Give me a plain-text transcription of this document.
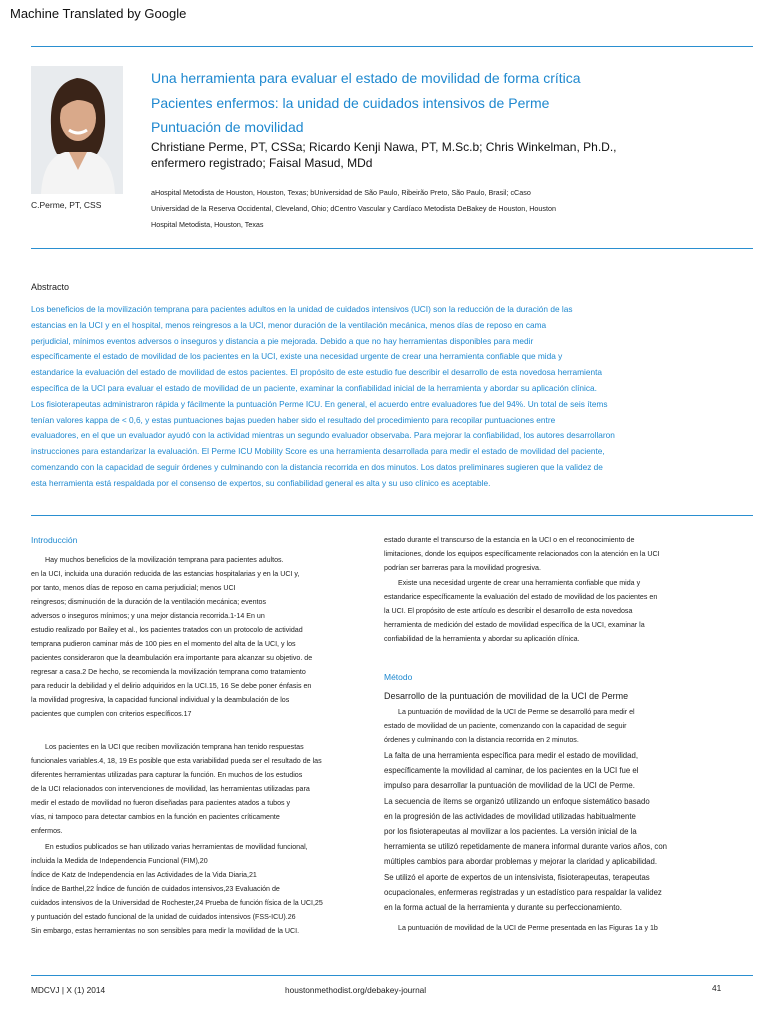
Machine Translated by Google
C.Perme, PT, CSS
Una herramienta para evaluar el estado de movilidad de forma crítica
Pacientes enfermos: la unidad de cuidados intensivos de Perme
Puntuación de movilidad
Christiane Perme, PT, CSSa; Ricardo Kenji Nawa, PT, M.Sc.b; Chris Winkelman, Ph.D.,
enfermero registrado; Faisal Masud, MDd
aHospital Metodista de Houston, Houston, Texas; bUniversidad de São Paulo, Ribeirão Preto, São Paulo, Brasil; cCaso
Universidad de la Reserva Occidental, Cleveland, Ohio; dCentro Vascular y Cardíaco Metodista DeBakey de Houston, Houston
Hospital Metodista, Houston, Texas
Abstracto
Los beneficios de la movilización temprana para pacientes adultos en la unidad de cuidados intensivos (UCI) son la reducción de la duración de las
estancias en la UCI y en el hospital, menos reingresos a la UCI, menor duración de la ventilación mecánica, menos días de reposo en cama
perjudicial, mínimos eventos adversos o inseguros y distancia a pie mejorada. Debido a que no hay herramientas disponibles para medir
específicamente el estado de movilidad de los pacientes en la UCI, existe una necesidad urgente de crear una herramienta confiable que mida y
estandarice la evaluación del estado de movilidad de estos pacientes. El propósito de este estudio fue describir el desarrollo de esta novedosa herramienta
específica de la UCI para evaluar el estado de movilidad de un paciente, examinar la confiabilidad inicial de la herramienta y abordar su aplicación clínica.
Los fisioterapeutas administraron rápida y fácilmente la puntuación Perme ICU. En general, el acuerdo entre evaluadores fue del 94%. Un total de seis ítems
tenían valores kappa de < 0,6, y estas puntuaciones bajas pueden haber sido el resultado del procedimiento para recopilar puntuaciones entre
evaluadores, en el que un evaluador ayudó con la actividad mientras un segundo evaluador observaba. Para mejorar la confiabilidad, los autores desarrollaron
instrucciones para estandarizar la evaluación. El Perme ICU Mobility Score es una herramienta desarrollada para medir el estado de movilidad del paciente,
comenzando con la capacidad de seguir órdenes y culminando con la distancia recorrida en dos minutos. Los datos preliminares sugieren que la validez de
esta herramienta está respaldada por el consenso de expertos, su confiabilidad general es alta y su uso clínico es aceptable.
Introducción
Hay muchos beneficios de la movilización temprana para pacientes adultos.
en la UCI, incluida una duración reducida de las estancias hospitalarias y en la UCI y,
por tanto, menos días de reposo en cama perjudicial; menos UCI
reingresos; disminución de la duración de la ventilación mecánica; eventos
adversos o inseguros mínimos; y una mejor distancia recorrida.1-14 En un
estudio realizado por Bailey et al., los pacientes tratados con un protocolo de actividad
temprana pudieron caminar más de 100 pies en el momento del alta de la UCI, y los
pacientes consideraron que la deambulación era importante para alcanzar su objetivo. de
regresar a casa.2 De hecho, se recomienda la movilización temprana como tratamiento
para reducir la debilidad y el delirio adquiridos en la UCI.15, 16 Se debe poner énfasis en
la movilidad progresiva, la capacidad funcional individual y la deambulación de los
pacientes que cumplen con criterios específicos.17
Los pacientes en la UCI que reciben movilización temprana han tenido respuestas
funcionales variables.4, 18, 19 Es posible que esta variabilidad pueda ser el resultado de las
diferentes herramientas utilizadas para capturar la función. En muchos de los estudios
de la UCI relacionados con intervenciones de movilidad, las herramientas utilizadas para
medir el estado de movilidad no fueron diseñadas para pacientes atados a tubos y
vías, ni tampoco para detectar cambios en la función en pacientes críticamente
enfermos.
En estudios publicados se han utilizado varias herramientas de movilidad funcional,
incluida la Medida de Independencia Funcional (FIM),20
Índice de Katz de Independencia en las Actividades de la Vida Diaria,21
Índice de Barthel,22 Índice de función de cuidados intensivos,23 Evaluación de
cuidados intensivos de la Universidad de Rochester,24 Prueba de función física de la UCI,25
y puntuación del estado funcional de la unidad de cuidados intensivos (FSS-ICU).26
Sin embargo, estas herramientas no son sensibles para medir la movilidad de la UCI.
estado durante el transcurso de la estancia en la UCI o en el reconocimiento de
limitaciones, donde los equipos específicamente relacionados con la atención en la UCI
podrían ser barreras para la movilidad progresiva.
Existe una necesidad urgente de crear una herramienta confiable que mida y
estandarice específicamente la evaluación del estado de movilidad de los pacientes en
la UCI. El propósito de este artículo es describir el desarrollo de esta novedosa
herramienta de medición del estado de movilidad específica de la UCI, examinar la
confiabilidad de la herramienta y abordar su aplicación clínica.
Método
Desarrollo de la puntuación de movilidad de la UCI de Perme
La puntuación de movilidad de la UCI de Perme se desarrolló para medir el
estado de movilidad de un paciente, comenzando con la capacidad de seguir
órdenes y culminando con la distancia recorrida en 2 minutos.
La falta de una herramienta específica para medir el estado de movilidad,
específicamente la movilidad al caminar, de los pacientes en la UCI fue el
impulso para desarrollar la puntuación de movilidad de la UCI de Perme.
La secuencia de ítems se organizó utilizando un enfoque sistemático basado
en la progresión de las actividades de movilidad utilizadas habitualmente
por los fisioterapeutas al movilizar a los pacientes. La versión inicial de la
herramienta se utilizó repetidamente de manera informal durante varios años, con
múltiples cambios para abordar problemas y mejorar la claridad y aplicabilidad.
Se utilizó el aporte de expertos de un intensivista, fisioterapeutas, terapeutas
ocupacionales, enfermeras registradas y un estadístico para respaldar la validez
en la forma actual de la herramienta y durante su perfeccionamiento.
La puntuación de movilidad de la UCI de Perme presentada en las Figuras 1a y 1b
MDCVJ | X (1) 2014	houstonmethodist.org/debakey-journal	41
